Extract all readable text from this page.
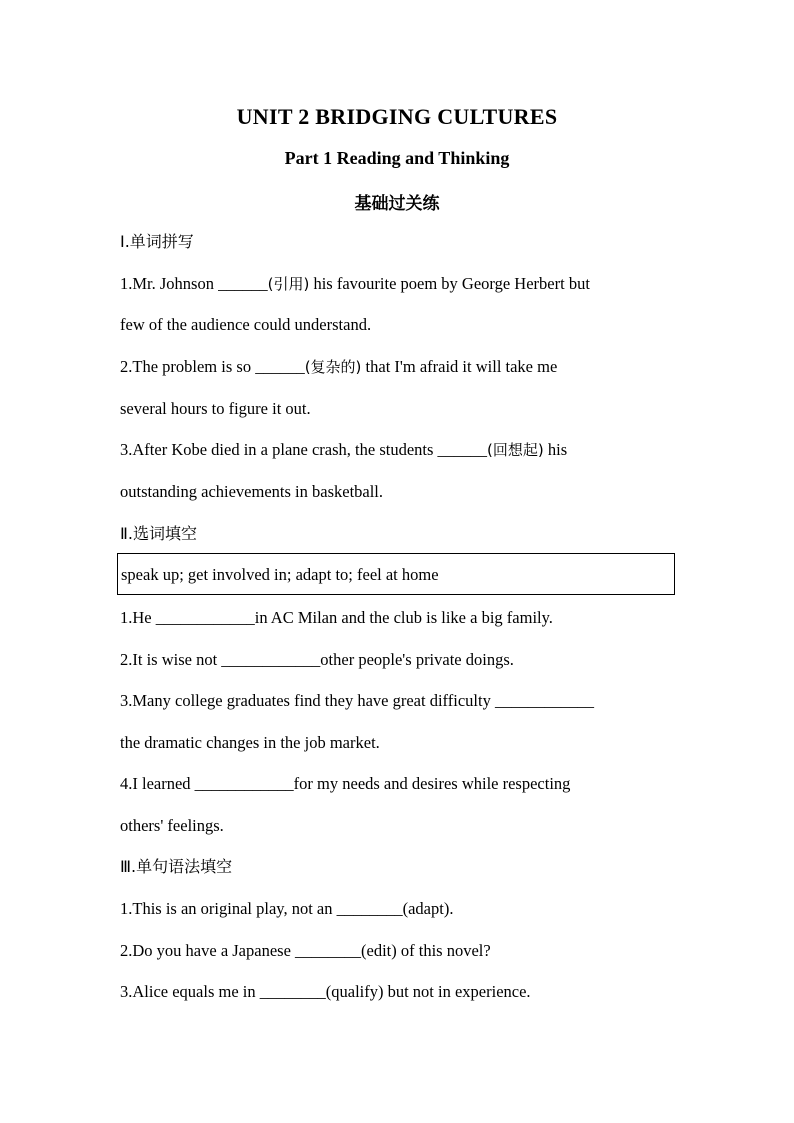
UNIT 2 BRIDGING CULTURES
Part 1 Reading and Thinking
基础过关练
Ⅰ.单词拼写
1.Mr. Johnson ______(引用) his favourite poem by George Herbert but
few of the audience could understand.
2.The problem is so ______(复杂的) that I'm afraid it will take me
several hours to figure it out.
3.After Kobe died in a plane crash, the students ______(回想起) his
outstanding achievements in basketball.
Ⅱ.选词填空
speak up; get involved in; adapt to; feel at home
1.He ____________in AC Milan and the club is like a big family.
2.It is wise not ____________other people's private doings.
3.Many college graduates find they have great difficulty ____________
the dramatic changes in the job market.
4.I learned ____________for my needs and desires while respecting
others' feelings.
Ⅲ.单句语法填空
1.This is an original play, not an ________(adapt).
2.Do you have a Japanese ________(edit) of this novel?
3.Alice equals me in ________(qualify) but not in experience.
